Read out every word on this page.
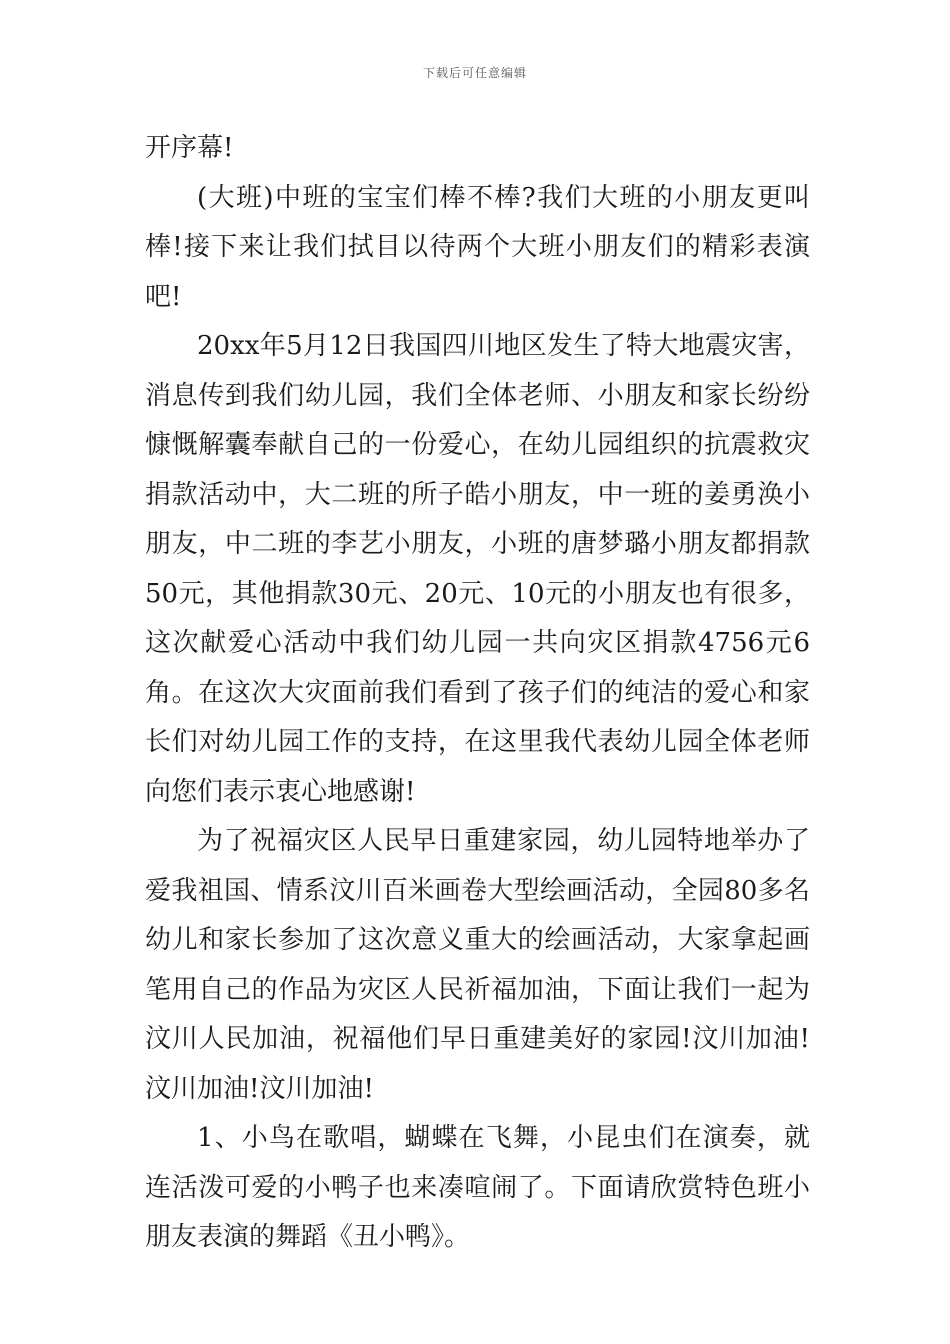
下载后可任意编辑

开序幕!

(大班)中班的宝宝们棒不棒?我们大班的小朋友更叫棒!接下来让我们拭目以待两个大班小朋友们的精彩表演吧!

20xx年5月12日我国四川地区发生了特大地震灾害，消息传到我们幼儿园，我们全体老师、小朋友和家长纷纷慷慨解囊奉献自己的一份爱心，在幼儿园组织的抗震救灾捐款活动中，大二班的所子皓小朋友，中一班的姜勇涣小朋友，中二班的李艺小朋友，小班的唐梦璐小朋友都捐款50元，其他捐款30元、20元、10元的小朋友也有很多，这次献爱心活动中我们幼儿园一共向灾区捐款4756元6角。在这次大灾面前我们看到了孩子们的纯洁的爱心和家长们对幼儿园工作的支持，在这里我代表幼儿园全体老师向您们表示衷心地感谢!

为了祝福灾区人民早日重建家园，幼儿园特地举办了爱我祖国、情系汶川百米画卷大型绘画活动，全园80多名幼儿和家长参加了这次意义重大的绘画活动，大家拿起画笔用自己的作品为灾区人民祈福加油，下面让我们一起为汶川人民加油，祝福他们早日重建美好的家园!汶川加油!汶川加油!汶川加油!

1、小鸟在歌唱，蝴蝶在飞舞，小昆虫们在演奏，就连活泼可爱的小鸭子也来凑喧闹了。下面请欣赏特色班小朋友表演的舞蹈《丑小鸭》。
